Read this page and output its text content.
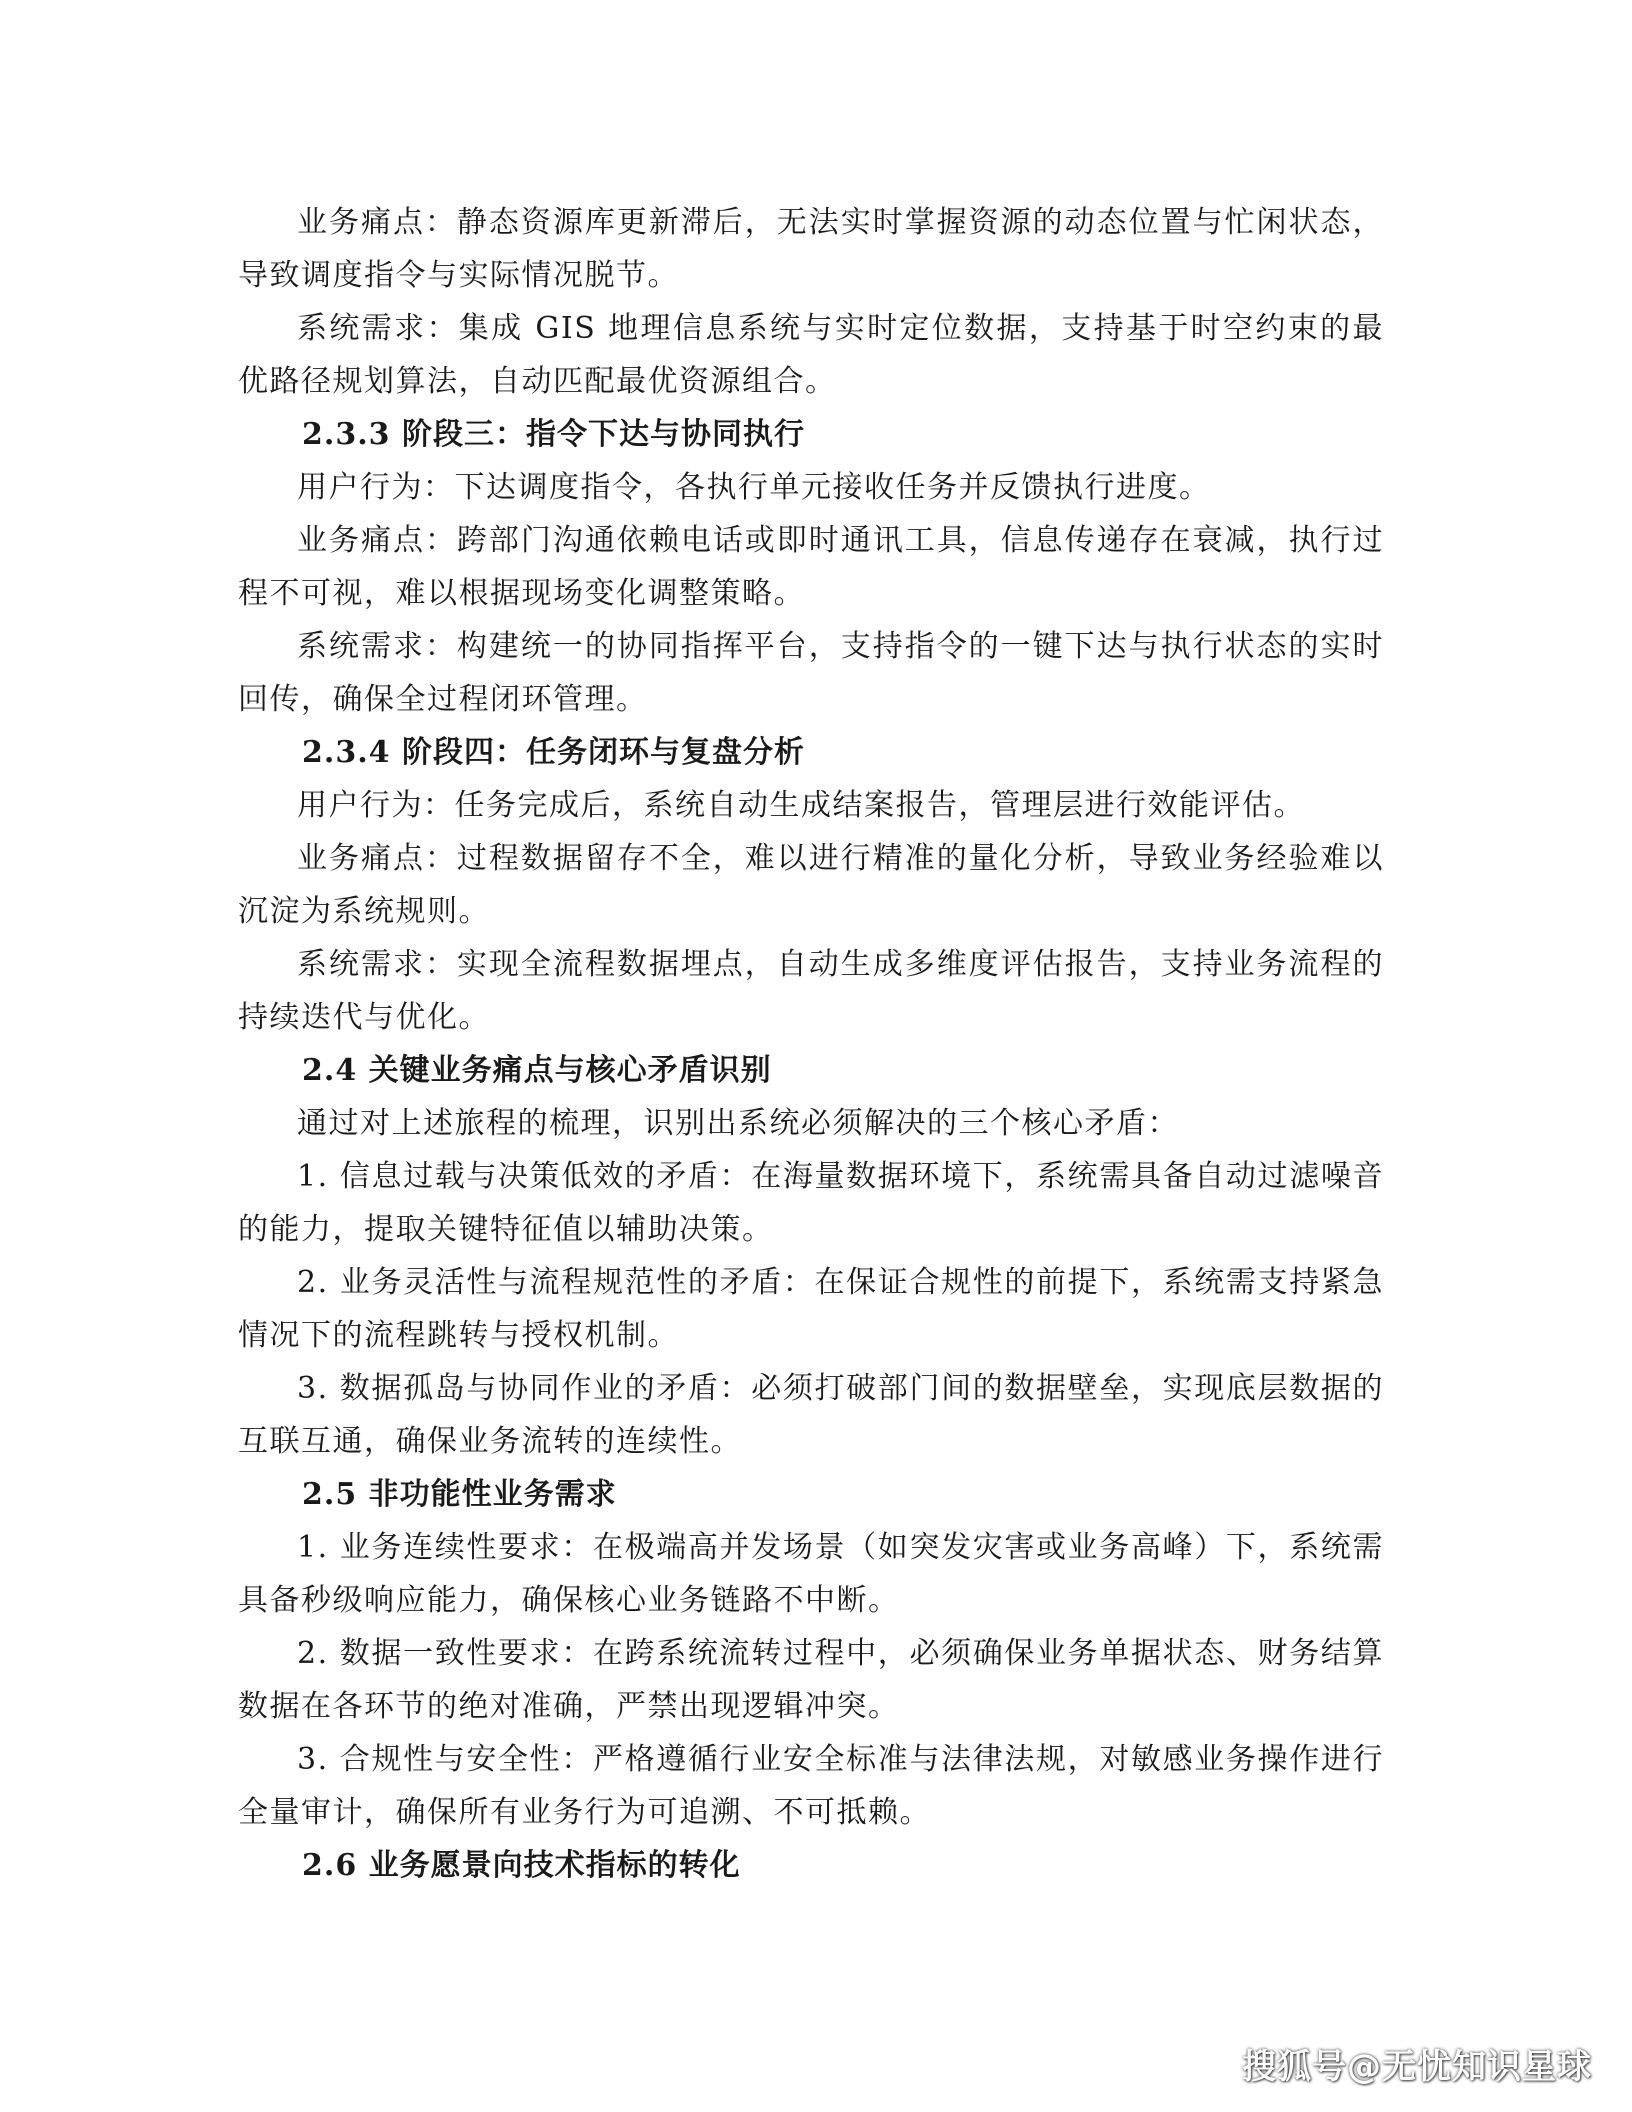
业务痛点：静态资源库更新滞后，无法实时掌握资源的动态位置与忙闲状态，导致调度指令与实际情况脱节。

系统需求：集成 GIS 地理信息系统与实时定位数据，支持基于时空约束的最优路径规划算法，自动匹配最优资源组合。

2.3.3 阶段三：指令下达与协同执行

用户行为：下达调度指令，各执行单元接收任务并反馈执行进度。

业务痛点：跨部门沟通依赖电话或即时通讯工具，信息传递存在衰减，执行过程不可视，难以根据现场变化调整策略。

系统需求：构建统一的协同指挥平台，支持指令的一键下达与执行状态的实时回传，确保全过程闭环管理。

2.3.4 阶段四：任务闭环与复盘分析

用户行为：任务完成后，系统自动生成结案报告，管理层进行效能评估。

业务痛点：过程数据留存不全，难以进行精准的量化分析，导致业务经验难以沉淀为系统规则。

系统需求：实现全流程数据埋点，自动生成多维度评估报告，支持业务流程的持续迭代与优化。

2.4 关键业务痛点与核心矛盾识别

通过对上述旅程的梳理，识别出系统必须解决的三个核心矛盾：

1. 信息过载与决策低效的矛盾：在海量数据环境下，系统需具备自动过滤噪音的能力，提取关键特征值以辅助决策。

2. 业务灵活性与流程规范性的矛盾：在保证合规性的前提下，系统需支持紧急情况下的流程跳转与授权机制。

3. 数据孤岛与协同作业的矛盾：必须打破部门间的数据壁垒，实现底层数据的互联互通，确保业务流转的连续性。

2.5 非功能性业务需求

1. 业务连续性要求：在极端高并发场景（如突发灾害或业务高峰）下，系统需具备秒级响应能力，确保核心业务链路不中断。

2. 数据一致性要求：在跨系统流转过程中，必须确保业务单据状态、财务结算数据在各环节的绝对准确，严禁出现逻辑冲突。

3. 合规性与安全性：严格遵循行业安全标准与法律法规，对敏感业务操作进行全量审计，确保所有业务行为可追溯、不可抵赖。

2.6 业务愿景向技术指标的转化
搜狐号@无忧知识星球
